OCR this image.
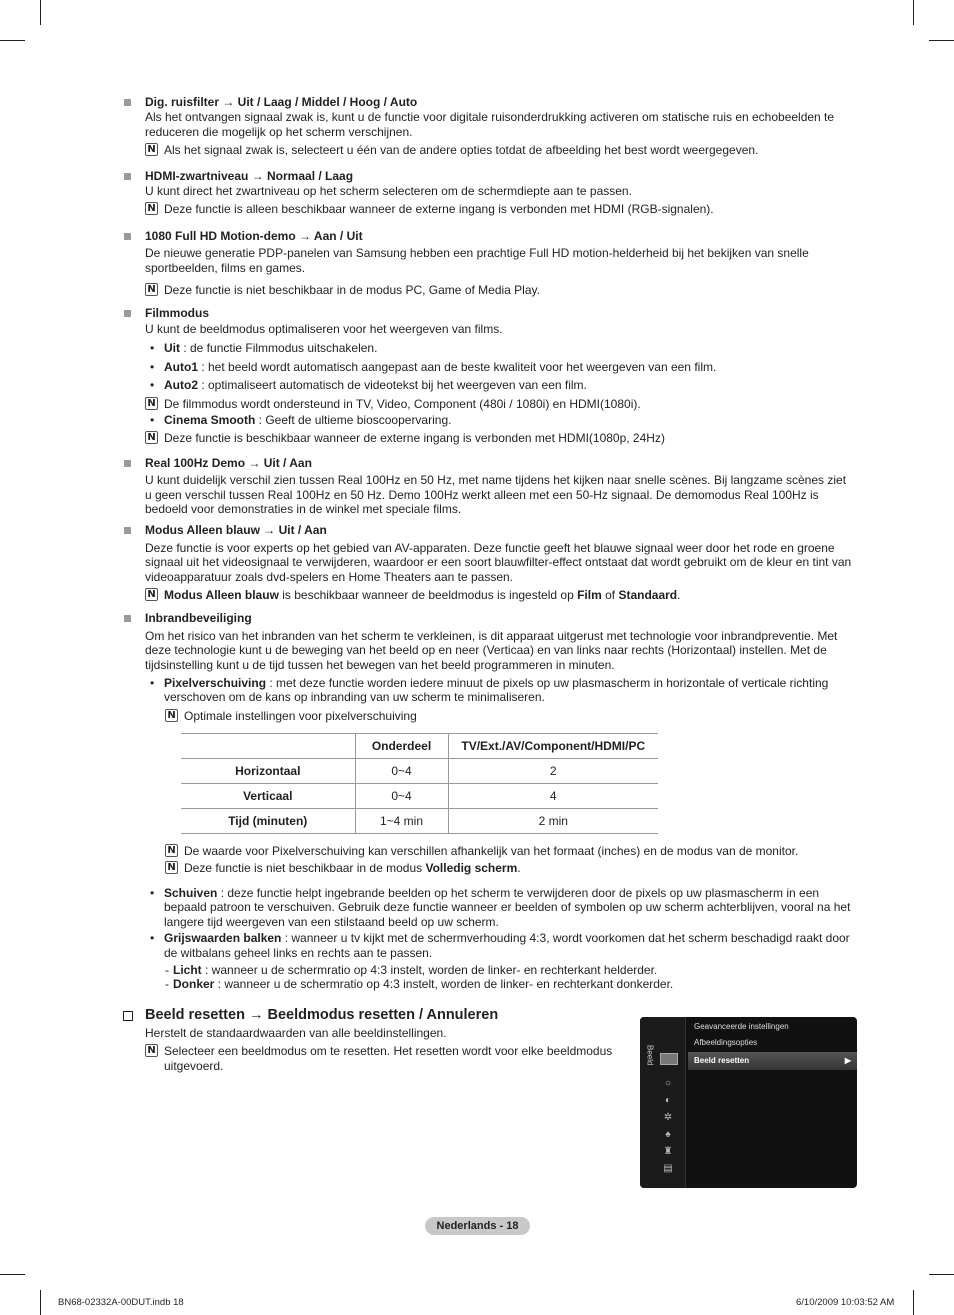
Dig. ruisfilter → Uit / Laag / Middel / Hoog / Auto
Als het ontvangen signaal zwak is, kunt u de functie voor digitale ruisonderdrukking activeren om statische ruis en echobeelden te reduceren die mogelijk op het scherm verschijnen.
N Als het signaal zwak is, selecteert u één van de andere opties totdat de afbeelding het best wordt weergegeven.
HDMI-zwartniveau → Normaal / Laag
U kunt direct het zwartniveau op het scherm selecteren om de schermdiepte aan te passen.
N Deze functie is alleen beschikbaar wanneer de externe ingang is verbonden met HDMI (RGB-signalen).
1080 Full HD Motion-demo → Aan / Uit
De nieuwe generatie PDP-panelen van Samsung hebben een prachtige Full HD motion-helderheid bij het bekijken van snelle sportbeelden, films en games.
N Deze functie is niet beschikbaar in de modus PC, Game of Media Play.
Filmmodus
U kunt de beeldmodus optimaliseren voor het weergeven van films.
• Uit : de functie Filmmodus uitschakelen.
• Auto1 : het beeld wordt automatisch aangepast aan de beste kwaliteit voor het weergeven van een film.
• Auto2 : optimaliseert automatisch de videotekst bij het weergeven van een film.
N De filmmodus wordt ondersteund in TV, Video, Component (480i / 1080i) en HDMI(1080i).
• Cinema Smooth : Geeft de ultieme bioscoopervaring.
N Deze functie is beschikbaar wanneer de externe ingang is verbonden met HDMI(1080p, 24Hz)
Real 100Hz Demo → Uit / Aan
U kunt duidelijk verschil zien tussen Real 100Hz en 50 Hz, met name tijdens het kijken naar snelle scènes. Bij langzame scènes ziet u geen verschil tussen Real 100Hz en 50 Hz. Demo 100Hz werkt alleen met een 50-Hz signaal. De demomodus Real 100Hz is bedoeld voor demonstraties in de winkel met speciale films.
Modus Alleen blauw → Uit / Aan
Deze functie is voor experts op het gebied van AV-apparaten. Deze functie geeft het blauwe signaal weer door het rode en groene signaal uit het videosignaal te verwijderen, waardoor er een soort blauwfilter-effect ontstaat dat wordt gebruikt om de kleur en tint van videoapparatuur zoals dvd-spelers en Home Theaters aan te passen.
N Modus Alleen blauw is beschikbaar wanneer de beeldmodus is ingesteld op Film of Standaard.
Inbrandbeveiliging
Om het risico van het inbranden van het scherm te verkleinen, is dit apparaat uitgerust met technologie voor inbrandpreventie. Met deze technologie kunt u de beweging van het beeld op en neer (Verticaa) en van links naar rechts (Horizontaal) instellen. Met de tijdsinstelling kunt u de tijd tussen het bewegen van het beeld programmeren in minuten.
• Pixelverschuiving : met deze functie worden iedere minuut de pixels op uw plasmascherm in horizontale of verticale richting verschoven om de kans op inbranding van uw scherm te minimaliseren.
N Optimale instellingen voor pixelverschuiving
	Onderdeel	TV/Ext./AV/Component/HDMI/PC
Horizontaal	0~4	2
Verticaal	0~4	4
Tijd (minuten)	1~4 min	2 min
N De waarde voor Pixelverschuiving kan verschillen afhankelijk van het formaat (inches) en de modus van de monitor.
N Deze functie is niet beschikbaar in de modus Volledig scherm.
• Schuiven : deze functie helpt ingebrande beelden op het scherm te verwijderen door de pixels op uw plasmascherm in een bepaald patroon te verschuiven. Gebruik deze functie wanneer er beelden of symbolen op uw scherm achterblijven, vooral na het langere tijd weergeven van een stilstaand beeld op uw scherm.
• Grijswaarden balken : wanneer u tv kijkt met de schermverhouding 4:3, wordt voorkomen dat het scherm beschadigd raakt door de witbalans geheel links en rechts aan te passen.
- Licht : wanneer u de schermratio op 4:3 instelt, worden de linker- en rechterkant helderder.
- Donker : wanneer u de schermratio op 4:3 instelt, worden de linker- en rechterkant donkerder.
Beeld resetten → Beeldmodus resetten / Annuleren
Herstelt de standaardwaarden van alle beeldinstellingen.
N Selecteer een beeldmodus om te resetten. Het resetten wordt voor elke beeldmodus uitgevoerd.
Beeld
○
◐
✲
♠
♜
▤
Geavanceerde instellingen
Afbeeldingsopties
Beeld resetten	▶
Nederlands - 18
BN68-02332A-00DUT.indb 18	6/10/2009 10:03:52 AM
